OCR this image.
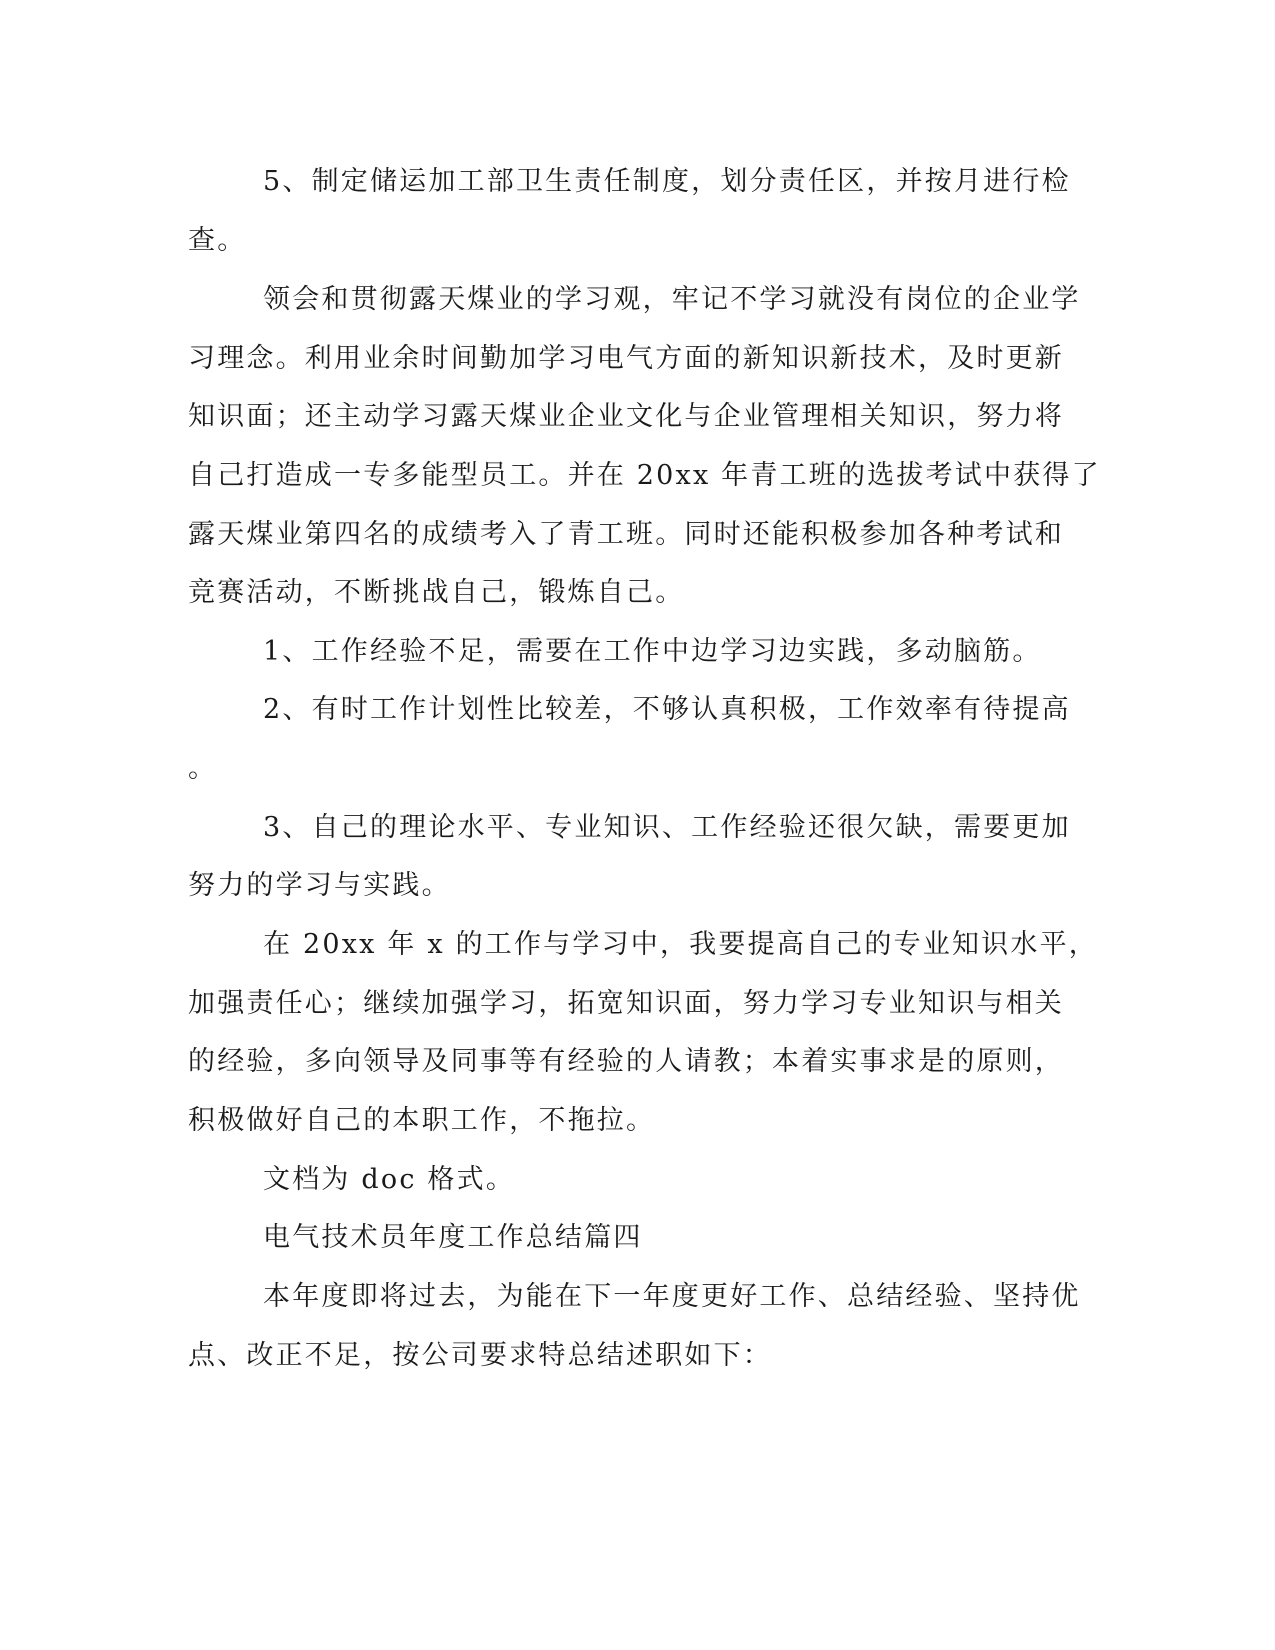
5、制定储运加工部卫生责任制度，划分责任区，并按月进行检
查。
领会和贯彻露天煤业的学习观，牢记不学习就没有岗位的企业学
习理念。利用业余时间勤加学习电气方面的新知识新技术，及时更新
知识面；还主动学习露天煤业企业文化与企业管理相关知识，努力将
自己打造成一专多能型员工。并在 20xx 年青工班的选拔考试中获得了
露天煤业第四名的成绩考入了青工班。同时还能积极参加各种考试和
竞赛活动，不断挑战自己，锻炼自己。
1、工作经验不足，需要在工作中边学习边实践，多动脑筋。
2、有时工作计划性比较差，不够认真积极，工作效率有待提高
。
3、自己的理论水平、专业知识、工作经验还很欠缺，需要更加
努力的学习与实践。
在 20xx 年 x 的工作与学习中，我要提高自己的专业知识水平，
加强责任心；继续加强学习，拓宽知识面，努力学习专业知识与相关
的经验，多向领导及同事等有经验的人请教；本着实事求是的原则，
积极做好自己的本职工作，不拖拉。
文档为 doc 格式。
电气技术员年度工作总结篇四
本年度即将过去，为能在下一年度更好工作、总结经验、坚持优
点、改正不足，按公司要求特总结述职如下：
